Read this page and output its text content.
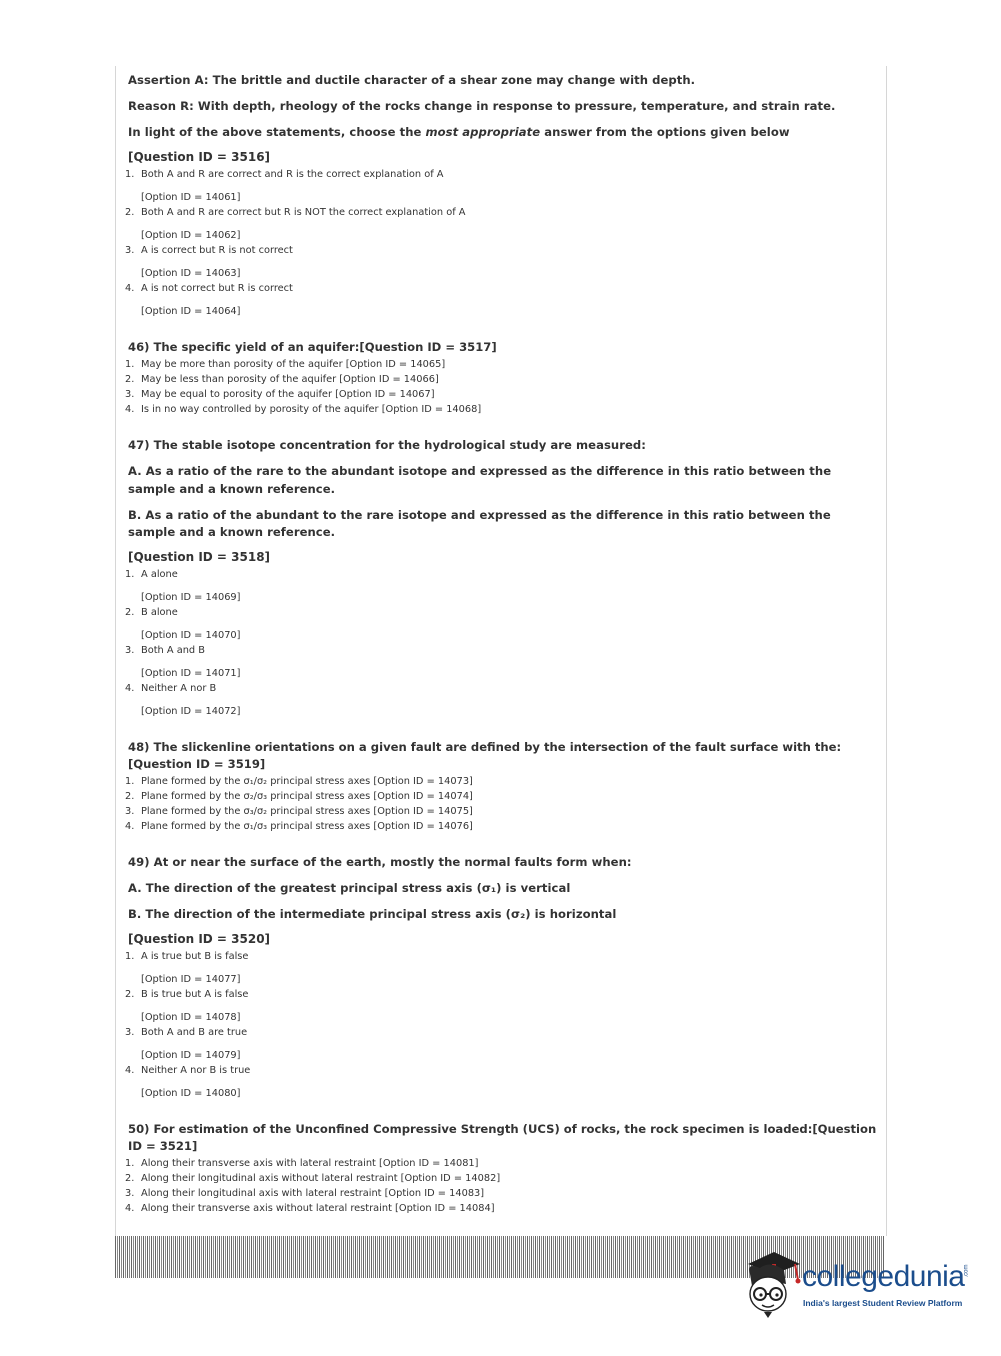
Assertion A: The brittle and ductile character of a shear zone may change with depth.

Reason R: With depth, rheology of the rocks change in response to pressure, temperature, and strain rate.

In light of the above statements, choose the most appropriate answer from the options given below

[Question ID = 3516]
1. Both A and R are correct and R is the correct explanation of A
[Option ID = 14061]
2. Both A and R are correct but R is NOT the correct explanation of A
[Option ID = 14062]
3. A is correct but R is not correct
[Option ID = 14063]
4. A is not correct but R is correct
[Option ID = 14064]
46) The specific yield of an aquifer:[Question ID = 3517]
1. May be more than porosity of the aquifer [Option ID = 14065]
2. May be less than porosity of the aquifer [Option ID = 14066]
3. May be equal to porosity of the aquifer [Option ID = 14067]
4. Is in no way controlled by porosity of the aquifer [Option ID = 14068]

47) The stable isotope concentration for the hydrological study are measured:

A. As a ratio of the rare to the abundant isotope and expressed as the difference in this ratio between the sample and a known reference.

B. As a ratio of the abundant to the rare isotope and expressed as the difference in this ratio between the sample and a known reference.

[Question ID = 3518]
1. A alone
[Option ID = 14069]
2. B alone
[Option ID = 14070]
3. Both A and B
[Option ID = 14071]
4. Neither A nor B
[Option ID = 14072]
48) The slickenline orientations on a given fault are defined by the intersection of the fault surface with the:[Question ID = 3519]
1. Plane formed by the σ₁/σ₂ principal stress axes [Option ID = 14073]
2. Plane formed by the σ₂/σ₃ principal stress axes [Option ID = 14074]
3. Plane formed by the σ₃/σ₂ principal stress axes [Option ID = 14075]
4. Plane formed by the σ₁/σ₃ principal stress axes [Option ID = 14076]

49) At or near the surface of the earth, mostly the normal faults form when:

A. The direction of the greatest principal stress axis (σ₁) is vertical

B. The direction of the intermediate principal stress axis (σ₂) is horizontal

[Question ID = 3520]
1. A is true but B is false
[Option ID = 14077]
2. B is true but A is false
[Option ID = 14078]
3. Both A and B are true
[Option ID = 14079]
4. Neither A nor B is true
[Option ID = 14080]
50) For estimation of the Unconfined Compressive Strength (UCS) of rocks, the rock specimen is loaded:[Question ID = 3521]
1. Along their transverse axis with lateral restraint [Option ID = 14081]
2. Along their longitudinal axis without lateral restraint [Option ID = 14082]
3. Along their longitudinal axis with lateral restraint [Option ID = 14083]
4. Along their transverse axis without lateral restraint [Option ID = 14084]
collegedunia .com
India's largest Student Review Platform
